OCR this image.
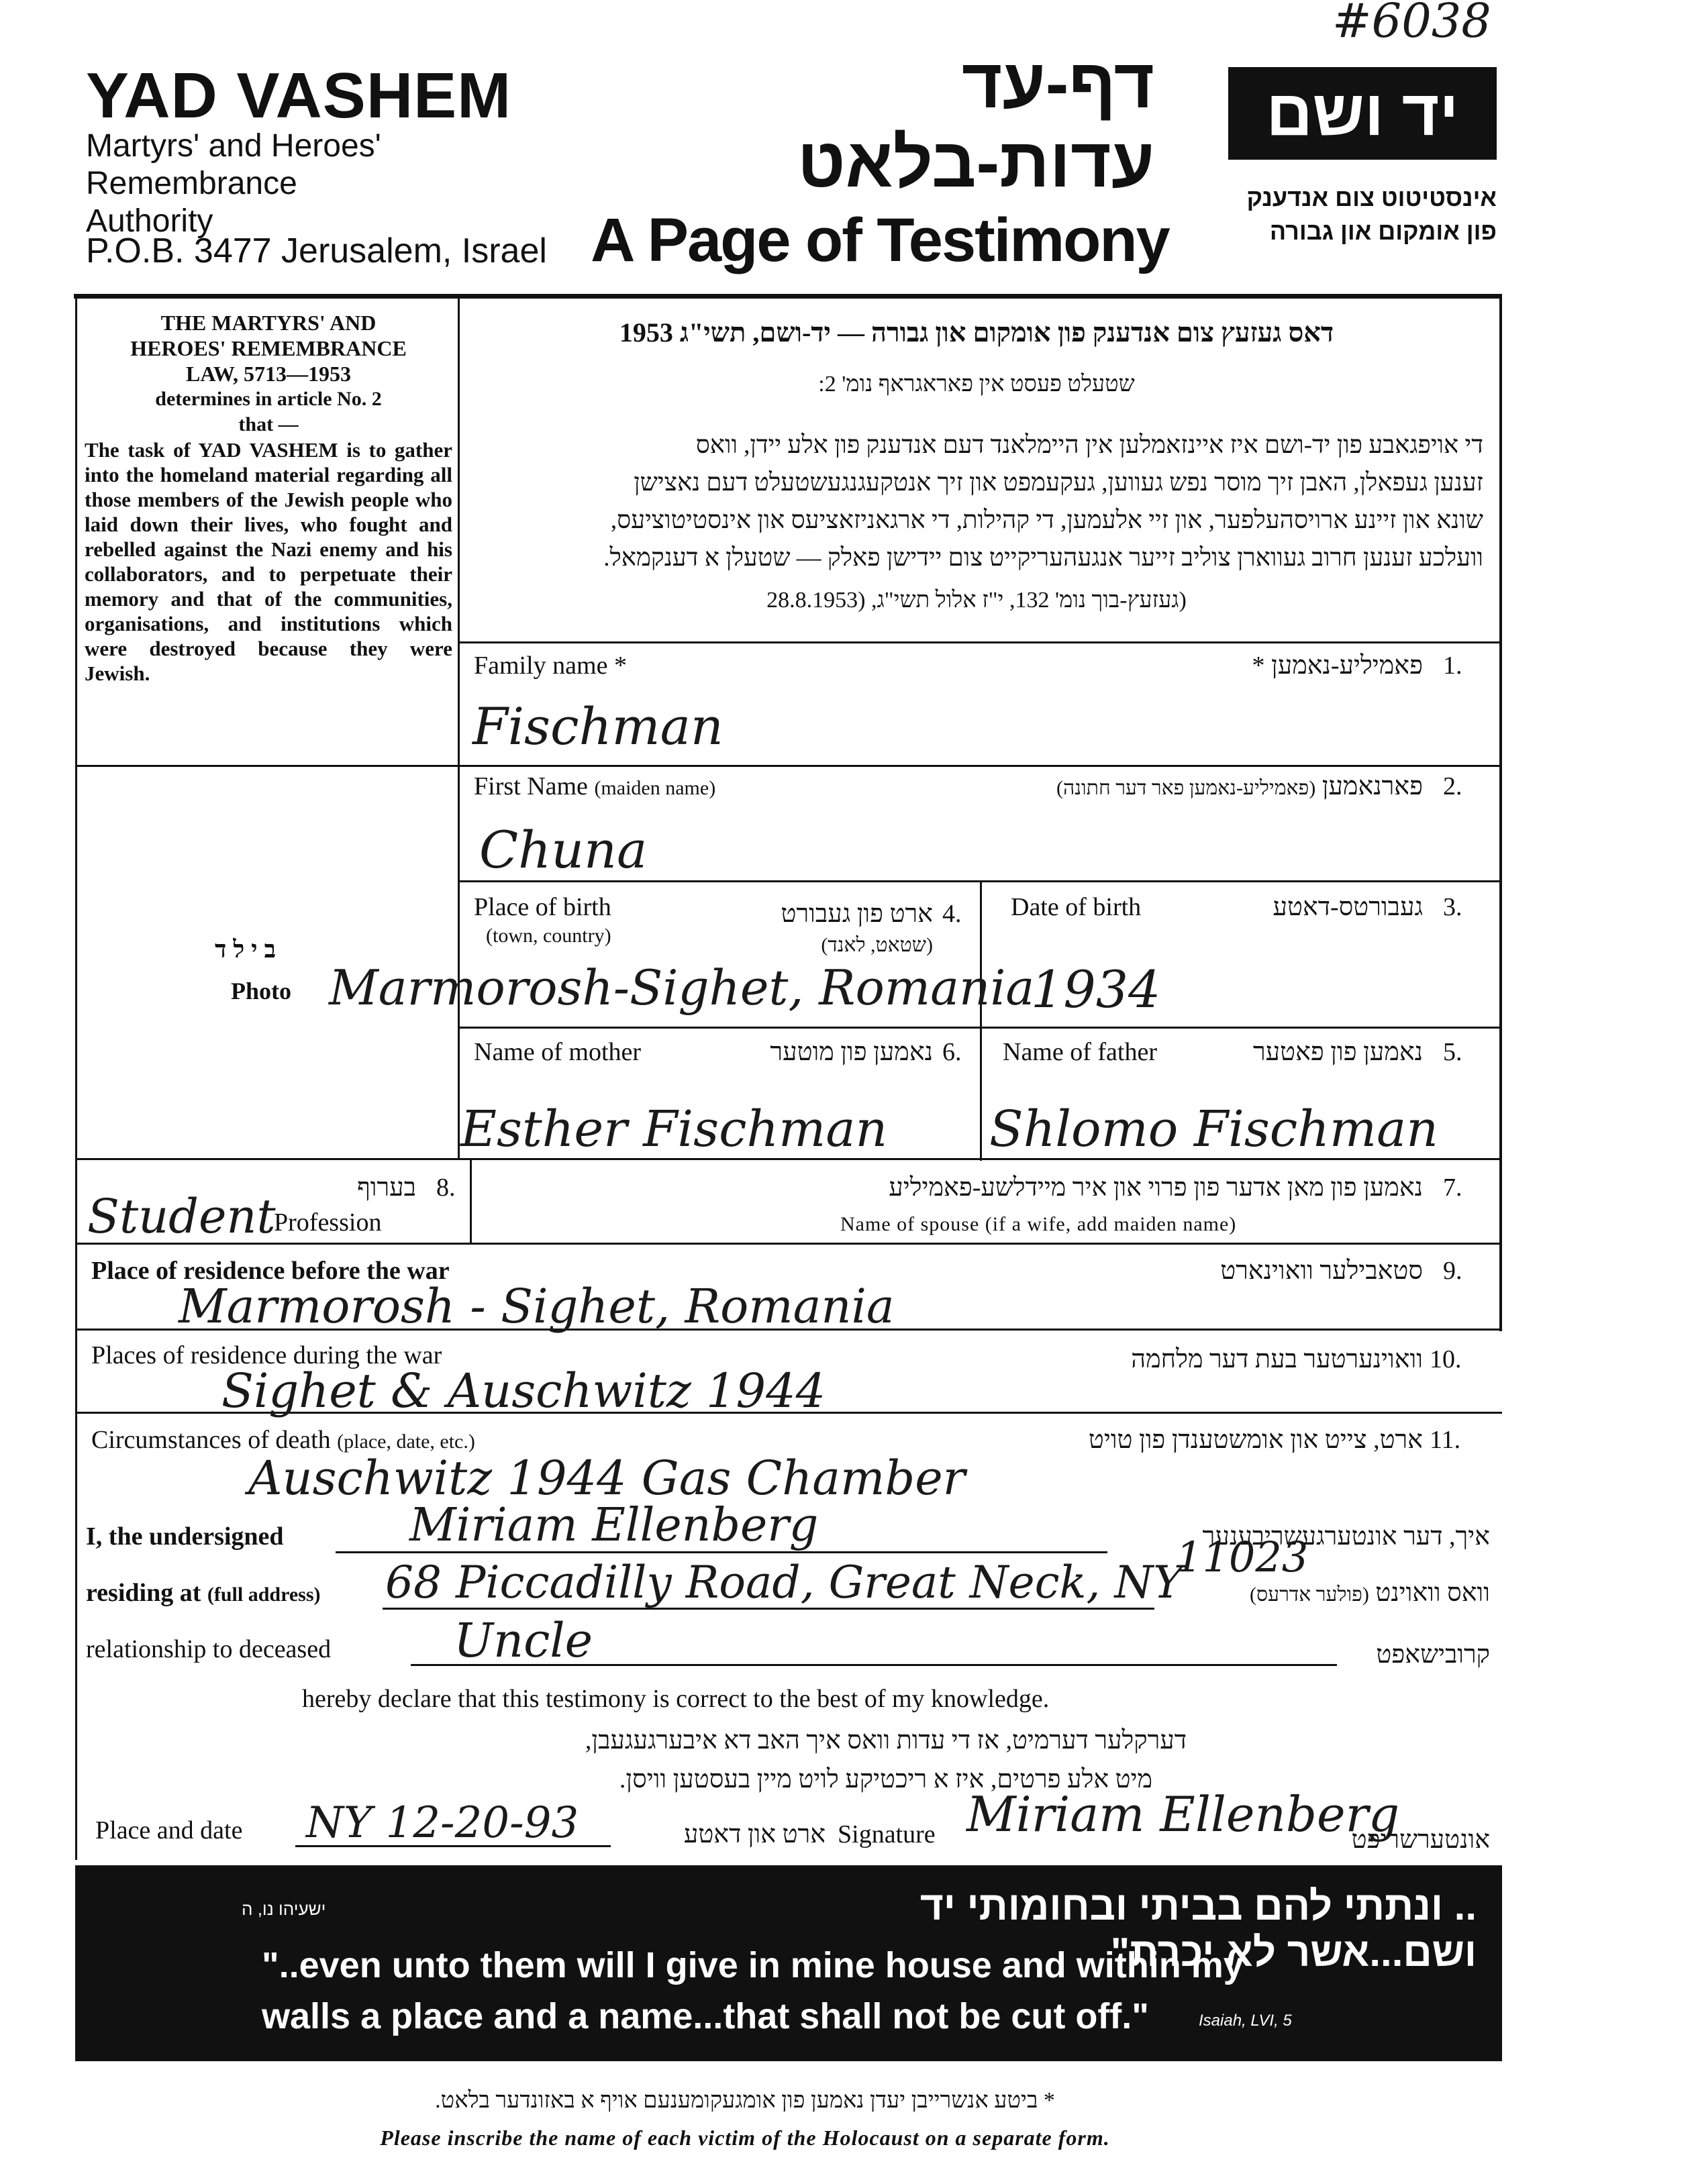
#6038
YAD VASHEM
Martyrs' and Heroes'
Remembrance
Authority
P.O.B. 3477 Jerusalem, Israel
דף-עד
עדות-בלאט
A Page of Testimony
יד ושם
אינסטיטוט צום אנדענק
פון אומקום און גבורה
THE MARTYRS' AND
HEROES' REMEMBRANCE
LAW, 5713—1953
determines in article No. 2
that —
The task of YAD VASHEM is to gather into the homeland material regarding all those members of the Jewish people who laid down their lives, who fought and rebelled against the Nazi enemy and his collaborators, and to perpetuate their memory and that of the communities, organisations, and institutions which were destroyed because they were Jewish.
דאס געזעץ צום אנדענק פון אומקום און גבורה — יד-ושם, תשי"ג 1953
שטעלט פעסט אין פאראגראף נומ' 2:
די אויפגאבע פון יד-ושם איז איינזאמלען אין היימלאנד דעם אנדענק פון אלע יידן, וואס
זענען געפאלן, האבן זיך מוסר נפש געווען, געקעמפט און זיך אנטקעגנגעשטעלט דעם נאצישן
שונא און זיינע ארויסהעלפער, און זיי אלעמען, די קהילות, די ארגאניזאציעס און אינסטיטוציעס,
וועלכע זענען חרוב געווארן צוליב זייער אנגעהעריקייט צום יידישן פאלק — שטעלן א דענקמאל.
(געזעץ-בוך נומ' 132, י"ז אלול תשי"ג, (28.8.1953
בילד
Photo
Family name *	פאמיליע-נאמען * 1.
Fischman
First Name (maiden name)	פארנאמען (פאמיליע-נאמען פאר דער חתונה)	2.
Chuna
Place of birth
(town, country)
ארט פון געבורט
(שטאט, לאנד)
4.
Marmorosh-Sighet, Romania
Date of birth	געבורטס-דאטע 3.
1934
Name of mother	נאמען פון מוטער 6.
Esther Fischman
Name of father	נאמען פון פאטער 5.
Shlomo Fischman
בערוף 8.
Student
Profession
נאמען פון מאן אדער פון פרוי און איר מיידלשע-פאמיליע 7.
Name of spouse (if a wife, add maiden name)
Place of residence before the war	סטאבילער וואוינארט 9.
Marmorosh - Sighet, Romania
Places of residence during the war	וואוינערטער בעת דער מלחמה 10.
Sighet & Auschwitz 1944
Circumstances of death (place, date, etc.)	ארט, צייט און אומשטענדן פון טויט 11.
Auschwitz 1944 Gas Chamber
I, the undersigned	Miriam Ellenberg	איך, דער אונטערגעשריבענער
residing at (full address) 68 Piccadilly Road, Great Neck, NY
11023
וואס וואוינט (פולער אדרעס)
relationship to deceased	Uncle	קרובישאפט
hereby declare that this testimony is correct to the best of my knowledge.
דערקלער דערמיט, אז די עדות וואס איך האב דא איבערגעגעבן,
מיט אלע פרטים, איז א ריכטיקע לויט מיין בעסטען וויסן.
Place and date NY 12-20-93	ארט און דאטע Signature Miriam Ellenberg
אונטערשריפט
.. ונתתי להם בביתי ובחומותי יד ושם...אשר לא יכרת"
ישעיהו נו, ה
"..even unto them will I give in mine house and within my
walls a place and a name...that shall not be cut off."	Isaiah, LVI, 5
* ביטע אנשרייבן יעדן נאמען פון אומגעקומענעם אויף א באזונדער בלאט.
Please inscribe the name of each victim of the Holocaust on a separate form.
